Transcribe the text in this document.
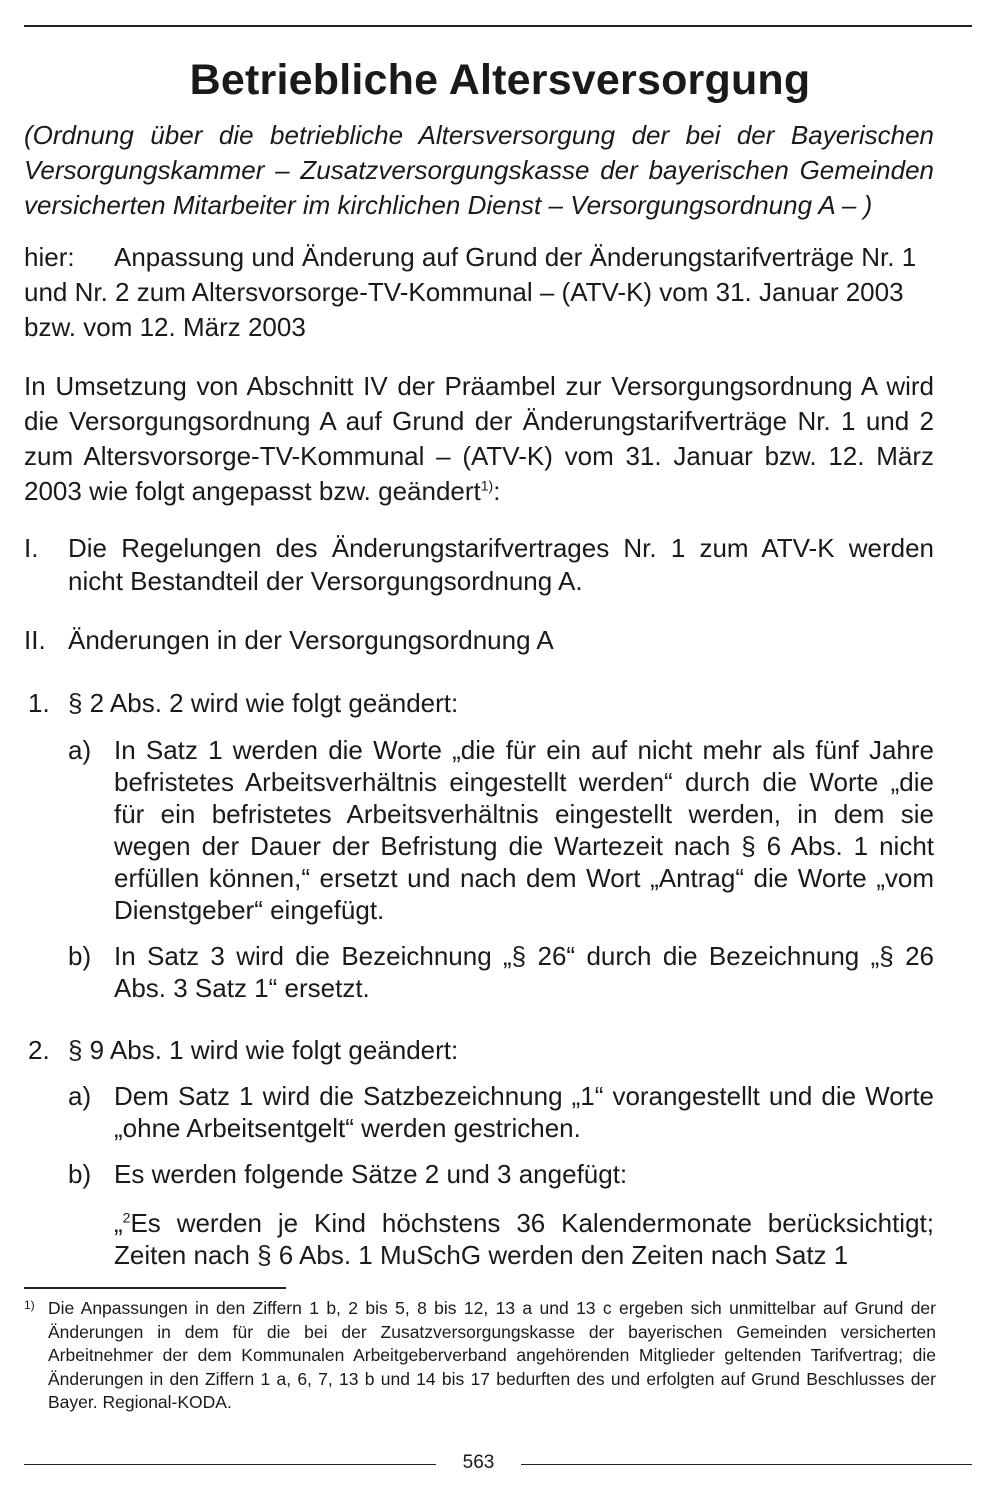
Betriebliche Altersversorgung

(Ordnung über die betriebliche Altersversorgung der bei der Bayerischen Versorgungskammer – Zusatzversorgungskasse der bayerischen Gemeinden versicherten Mitarbeiter im kirchlichen Dienst – Versorgungsordnung A – )

hier:	Anpassung und Änderung auf Grund der Änderungstarifverträge Nr. 1
und Nr. 2 zum Altersvorsorge-TV-Kommunal – (ATV-K) vom 31. Januar 2003 bzw. vom 12. März 2003

In Umsetzung von Abschnitt IV der Präambel zur Versorgungsordnung A wird die Versorgungsordnung A auf Grund der Änderungstarifverträge Nr. 1 und 2 zum Altersvorsorge-TV-Kommunal – (ATV-K) vom 31. Januar bzw. 12. März 2003 wie folgt angepasst bzw. geändert$^{1)}$:

I. Die Regelungen des Änderungstarifvertrages Nr. 1 zum ATV-K werden nicht Bestandteil der Versorgungsordnung A.
II. Änderungen in der Versorgungsordnung A
1. § 2 Abs. 2 wird wie folgt geändert:
a) In Satz 1 werden die Worte „die für ein auf nicht mehr als fünf Jahre befristetes Arbeitsverhältnis eingestellt werden“ durch die Worte „die für ein befristetes Arbeitsverhältnis eingestellt werden, in dem sie wegen der Dauer der Befristung die Wartezeit nach § 6 Abs. 1 nicht erfüllen können,“ ersetzt und nach dem Wort „Antrag“ die Worte „vom Dienstgeber“ eingefügt.
b) In Satz 3 wird die Bezeichnung „§ 26“ durch die Bezeichnung „§ 26 Abs. 3 Satz 1“ ersetzt.
2. § 9 Abs. 1 wird wie folgt geändert:
a) Dem Satz 1 wird die Satzbezeichnung „1“ vorangestellt und die Worte „ohne Arbeitsentgelt“ werden gestrichen.
b) Es werden folgende Sätze 2 und 3 angefügt:
„$^2$Es werden je Kind höchstens 36 Kalendermonate berücksichtigt; Zeiten nach § 6 Abs. 1 MuSchG werden den Zeiten nach Satz 1
1) Die Anpassungen in den Ziffern 1 b, 2 bis 5, 8 bis 12, 13 a und 13 c ergeben sich unmittelbar auf Grund der Änderungen in dem für die bei der Zusatzversorgungskasse der bayerischen Gemeinden versicherten Arbeitnehmer der dem Kommunalen Arbeitgeberverband angehörenden Mitglieder geltenden Tarifvertrag; die Änderungen in den Ziffern 1 a, 6, 7, 13 b und 14 bis 17 bedurften des und erfolgten auf Grund Beschlusses der Bayer. Regional-KODA.
563
